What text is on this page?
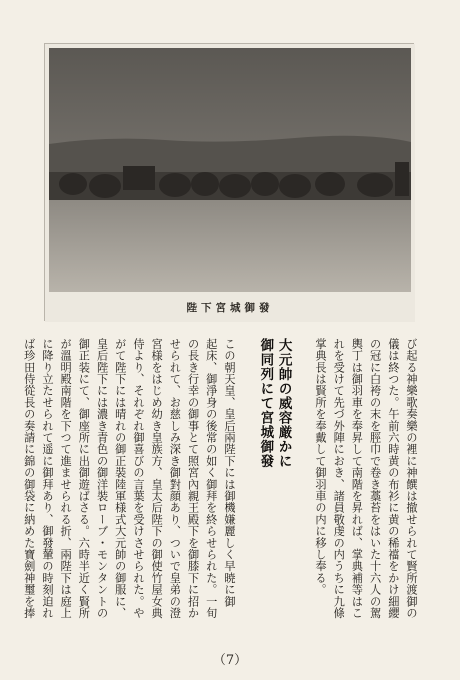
陛下宮城御發
び起る神樂歌奏樂の裡に神饌は撤せられて賢所渡御の
儀は終つた。午前六時黄の布衫に黄の稀襠をかけ細纓
の冠に白袴の末を脛巾で卷き藁苔をはいた十六人の駕
輿丁は御羽車を奉昇して南階を昇れば、掌典補等はこ
れを受けて先づ外陣におき、諸員敬虔の内うちに九條
掌典長は賢所を奉戴して御羽車の内に移し奉る。

大元帥の威容厳かに
御同列にて宮城御發

この朝天皇、皇后兩陛下には御機嫌麗しく早暁に御
起床、御淨身の後常の如く御拜を終らせられた。一旬
の長き行幸の御事とて照宮內親王殿下を御膝下に招か
せられて、お慈しみ深き御對顔あり、ついで皇弟の澄
宮様をはじめ幼き皇族方、皇太后陛下の御使竹屋女典
侍より、それぞれ御喜びの言葉を受けさせられた。や
がて陛下には晴れの御正裝陸軍様式大元帥の御服に、
皇后陛下には濃き青色の御洋裝ローブ・モンタントの
御正装にて、御座所に出御遊ばさる。六時半近く賢所
が溫明殿南階を下つて進ませられる折、兩陛下は庭上
に降り立たせられて遥に御拜あり、御發輦の時刻迫れ
ば珍田侍從長の奏請に錦の御袋に納めた寶劍神璽を捧
（7）
